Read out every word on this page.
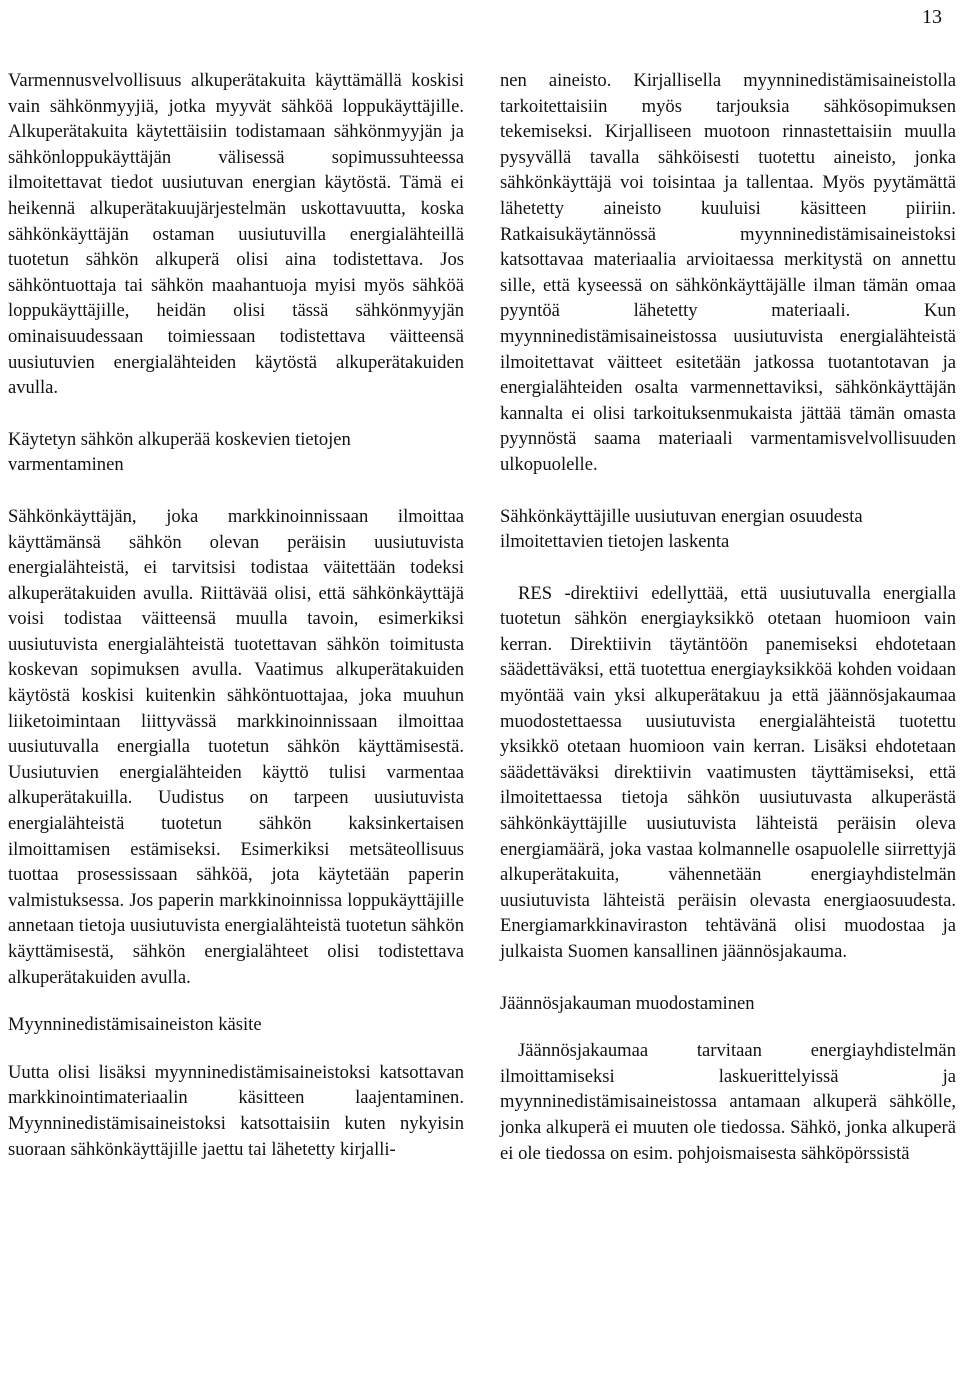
13

Varmennusvelvollisuus alkuperätakuita käyttämällä koskisi vain sähkönmyyjiä, jotka myyvät sähköä loppukäyttäjille. Alkuperätakuita käytettäisiin todistamaan sähkönmyyjän ja sähkönloppukäyttäjän välisessä sopimussuhteessa ilmoitettavat tiedot uusiutuvan energian käytöstä. Tämä ei heikennä alkuperätakuujärjestelmän uskottavuutta, koska sähkönkäyttäjän ostaman uusiutuvilla energialähteillä tuotetun sähkön alkuperä olisi aina todistettava. Jos sähköntuottaja tai sähkön maahantuoja myisi myös sähköä loppukäyttäjille, heidän olisi tässä sähkönmyyjän ominaisuudessaan toimiessaan todistettava väitteensä uusiutuvien energialähteiden käytöstä alkuperätakuiden avulla.

Käytetyn sähkön alkuperää koskevien tietojen varmentaminen

Sähkönkäyttäjän, joka markkinoinnissaan ilmoittaa käyttämänsä sähkön olevan peräisin uusiutuvista energialähteistä, ei tarvitsisi todistaa väitettään todeksi alkuperätakuiden avulla. Riittävää olisi, että sähkönkäyttäjä voisi todistaa väitteensä muulla tavoin, esimerkiksi uusiutuvista energialähteistä tuotettavan sähkön toimitusta koskevan sopimuksen avulla. Vaatimus alkuperätakuiden käytöstä koskisi kuitenkin sähköntuottajaa, joka muuhun liiketoimintaan liittyvässä markkinoinnissaan ilmoittaa uusiutuvalla energialla tuotetun sähkön käyttämisestä. Uusiutuvien energialähteiden käyttö tulisi varmentaa alkuperätakuilla. Uudistus on tarpeen uusiutuvista energialähteistä tuotetun sähkön kaksinkertaisen ilmoittamisen estämiseksi. Esimerkiksi metsäteollisuus tuottaa prosessissaan sähköä, jota käytetään paperin valmistuksessa. Jos paperin markkinoinnissa loppukäyttäjille annetaan tietoja uusiutuvista energialähteistä tuotetun sähkön käyttämisestä, sähkön energialähteet olisi todistettava alkuperätakuiden avulla.

Myynninedistämisaineiston käsite

Uutta olisi lisäksi myynninedistämisaineistoksi katsottavan markkinointimateriaalin käsitteen laajentaminen. Myynninedistämisaineistoksi katsottaisiin kuten nykyisin suoraan sähkönkäyttäjille jaettu tai lähetetty kirjalli-

nen aineisto. Kirjallisella myynninedistämisaineistolla tarkoitettaisiin myös tarjouksia sähkösopimuksen tekemiseksi. Kirjalliseen muotoon rinnastettaisiin muulla pysyvällä tavalla sähköisesti tuotettu aineisto, jonka sähkönkäyttäjä voi toisintaa ja tallentaa. Myös pyytämättä lähetetty aineisto kuuluisi käsitteen piiriin. Ratkaisukäytännössä myynninedistämisaineistoksi katsottavaa materiaalia arvioitaessa merkitystä on annettu sille, että kyseessä on sähkönkäyttäjälle ilman tämän omaa pyyntöä lähetetty materiaali. Kun myynninedistämisaineistossa uusiutuvista energialähteistä ilmoitettavat väitteet esitetään jatkossa tuotantotavan ja energialähteiden osalta varmennettaviksi, sähkönkäyttäjän kannalta ei olisi tarkoituksenmukaista jättää tämän omasta pyynnöstä saama materiaali varmentamisvelvollisuuden ulkopuolelle.

Sähkönkäyttäjille uusiutuvan energian osuudesta ilmoitettavien tietojen laskenta

RES -direktiivi edellyttää, että uusiutuvalla energialla tuotetun sähkön energiayksikkö otetaan huomioon vain kerran. Direktiivin täytäntöön panemiseksi ehdotetaan säädettäväksi, että tuotettua energiayksikköä kohden voidaan myöntää vain yksi alkuperätakuu ja että jäännösjakaumaa muodostettaessa uusiutuvista energialähteistä tuotettu yksikkö otetaan huomioon vain kerran. Lisäksi ehdotetaan säädettäväksi direktiivin vaatimusten täyttämiseksi, että ilmoitettaessa tietoja sähkön uusiutuvasta alkuperästä sähkönkäyttäjille uusiutuvista lähteistä peräisin oleva energiamäärä, joka vastaa kolmannelle osapuolelle siirrettyjä alkuperätakuita, vähennetään energiayhdistelmän uusiutuvista lähteistä peräisin olevasta energiaosuudesta. Energiamarkkinaviraston tehtävänä olisi muodostaa ja julkaista Suomen kansallinen jäännösjakauma.

Jäännösjakauman muodostaminen

Jäännösjakaumaa tarvitaan energiayhdistelmän ilmoittamiseksi laskuerittelyissä ja myynninedistämisaineistossa antamaan alkuperä sähkölle, jonka alkuperä ei muuten ole tiedossa. Sähkö, jonka alkuperä ei ole tiedossa on esim. pohjoismaisesta sähköpörssistä
